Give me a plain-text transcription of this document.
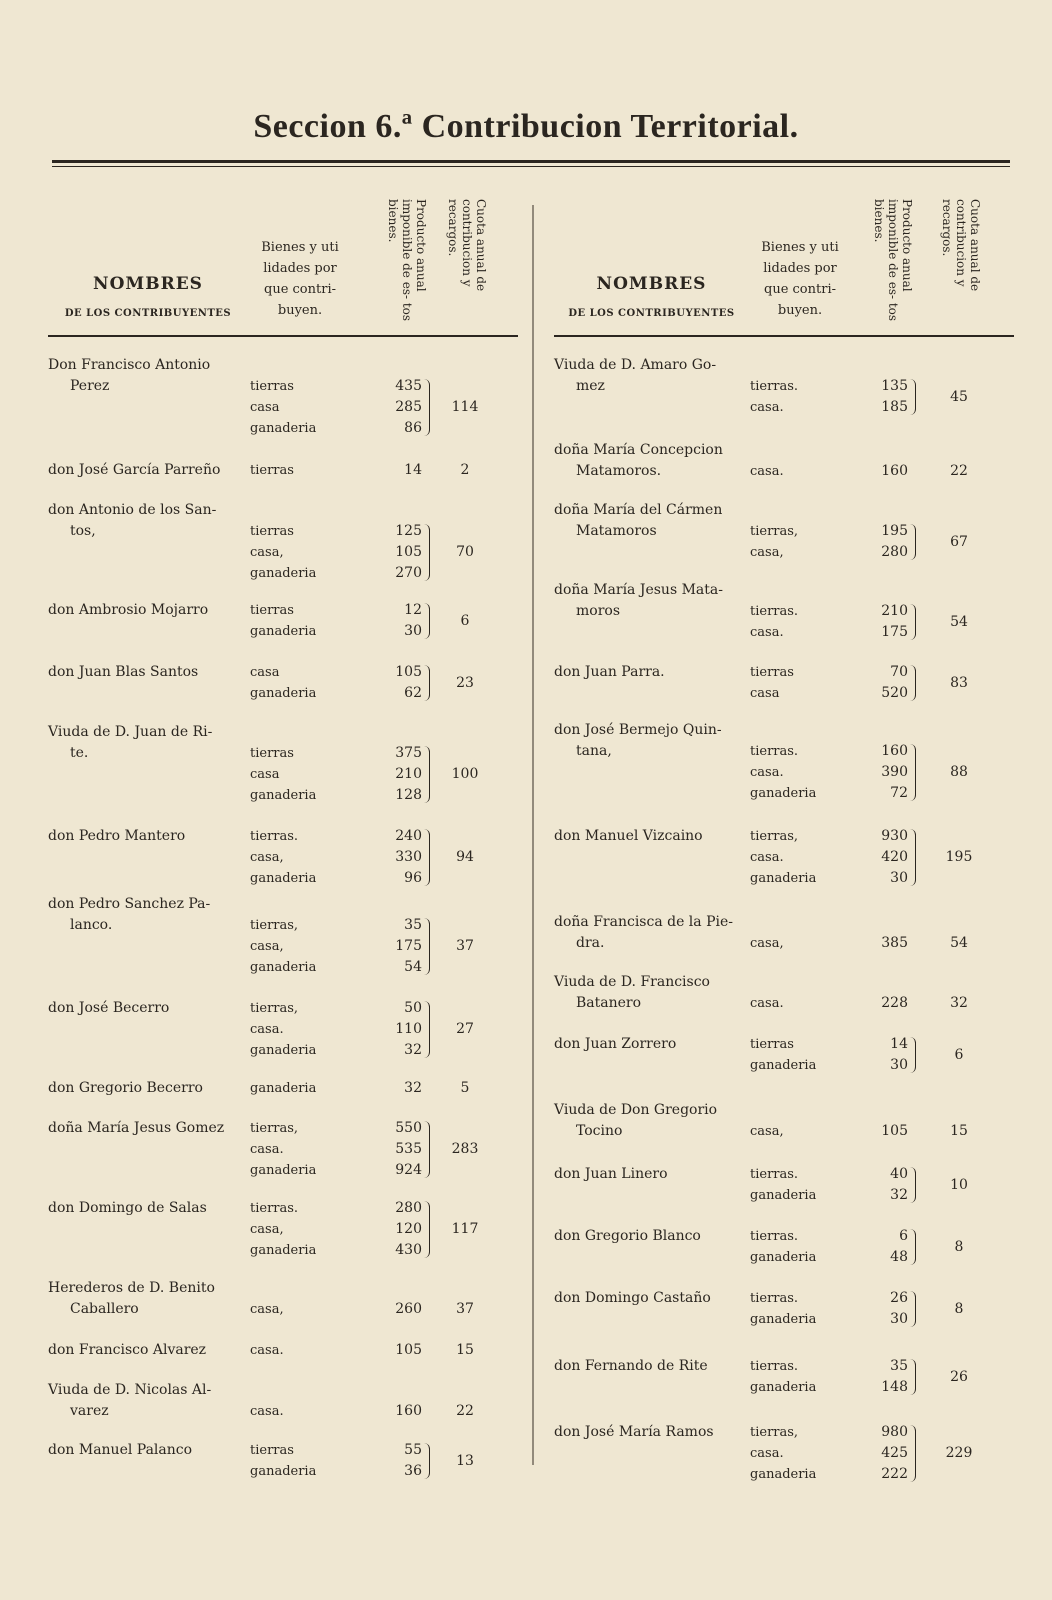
Seccion 6.ª Contribucion Territorial.
NOMBRES
DE LOS CONTRIBUYENTES
Bienes y uti
lidades por
que contri-
buyen.
Producto anual imponible de es- tos bienes.	Cuota anual de contribucion y recargos.
Don Francisco Antonio
Perez	tierras	435
casa	285
ganaderia	86
114
don José García Parreño	tierras	14	2
don Antonio de los San-
tos,	tierras	125
casa,	105
ganaderia	270
70
don Ambrosio Mojarro	tierras	12
ganaderia	30
6
don Juan Blas Santos	casa	105
ganaderia	62
23
Viuda de D. Juan de Ri-
te.	tierras	375
casa	210
ganaderia	128
100
don Pedro Mantero	tierras.	240
casa,	330
ganaderia	96
94
don Pedro Sanchez Pa-
lanco.	tierras,	35
casa,	175
ganaderia	54
37
don José Becerro	tierras,	50
casa.	110
ganaderia	32
27
don Gregorio Becerro	ganaderia	32	5
doña María Jesus Gomez	tierras,	550
casa.	535
ganaderia	924
283
don Domingo de Salas	tierras.	280
casa,	120
ganaderia	430
117
Herederos de D. Benito
Caballero	casa,	260	37
don Francisco Alvarez	casa.	105	15
Viuda de D. Nicolas Al-
varez	casa.	160	22
don Manuel Palanco	tierras	55
ganaderia	36
13
NOMBRES
DE LOS CONTRIBUYENTES
Bienes y uti
lidades por
que contri-
buyen.
Producto anual imponible de es- tos bienes.	Cuota anual de contribucion y recargos.
Viuda de D. Amaro Go-
mez	tierras.	135
casa.	185
45
doña María Concepcion
Matamoros.	casa.	160	22
doña María del Cármen
Matamoros	tierras,	195
casa,	280
67
doña María Jesus Mata-
moros	tierras.	210
casa.	175
54
don Juan Parra.	tierras	70
casa	520
83
don José Bermejo Quin-
tana,	tierras.	160
casa.	390
ganaderia	72
88
don Manuel Vizcaino	tierras,	930
casa.	420
ganaderia	30
195
doña Francisca de la Pie-
dra.	casa,	385	54
Viuda de D. Francisco
Batanero	casa.	228	32
don Juan Zorrero	tierras	14
ganaderia	30
6
Viuda de Don Gregorio
Tocino	casa,	105	15
don Juan Linero	tierras.	40
ganaderia	32
10
don Gregorio Blanco	tierras.	6
ganaderia	48
8
don Domingo Castaño	tierras.	26
ganaderia	30
8
don Fernando de Rite	tierras.	35
ganaderia	148
26
don José María Ramos	tierras,	980
casa.	425
ganaderia	222
229
